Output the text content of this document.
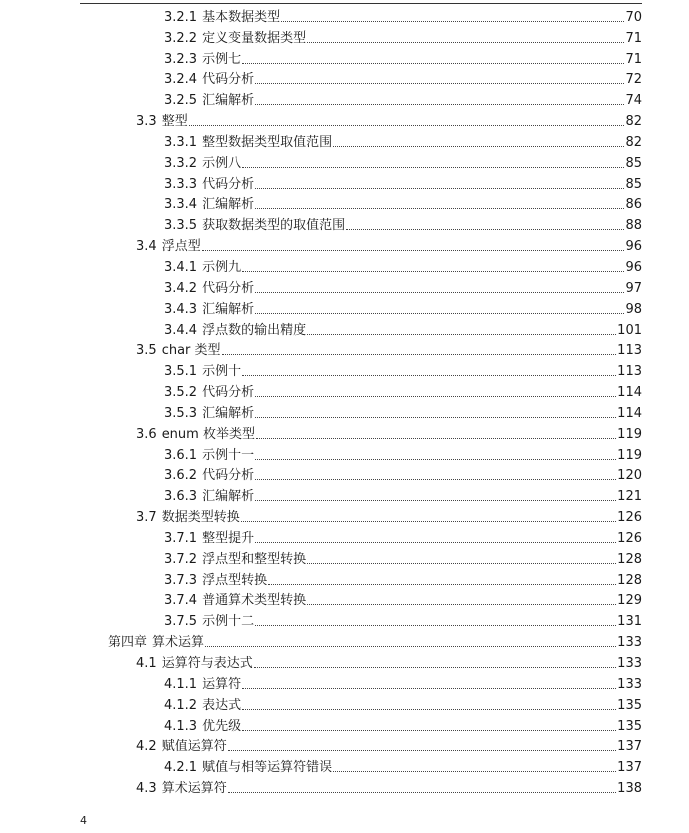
3.2.1 基本数据类型	70
3.2.2 定义变量数据类型	71
3.2.3 示例七	71
3.2.4 代码分析	72
3.2.5 汇编解析	74
3.3 整型	82
3.3.1 整型数据类型取值范围	82
3.3.2 示例八	85
3.3.3 代码分析	85
3.3.4 汇编解析	86
3.3.5 获取数据类型的取值范围	88
3.4 浮点型	96
3.4.1 示例九	96
3.4.2 代码分析	97
3.4.3 汇编解析	98
3.4.4 浮点数的输出精度	101
3.5 char 类型	113
3.5.1 示例十	113
3.5.2 代码分析	114
3.5.3 汇编解析	114
3.6 enum 枚举类型	119
3.6.1 示例十一	119
3.6.2 代码分析	120
3.6.3 汇编解析	121
3.7 数据类型转换	126
3.7.1 整型提升	126
3.7.2 浮点型和整型转换	128
3.7.3 浮点型转换	128
3.7.4 普通算术类型转换	129
3.7.5 示例十二	131
第四章 算术运算	133
4.1 运算符与表达式	133
4.1.1 运算符	133
4.1.2 表达式	135
4.1.3 优先级	135
4.2 赋值运算符	137
4.2.1 赋值与相等运算符错误	137
4.3 算术运算符	138
4
